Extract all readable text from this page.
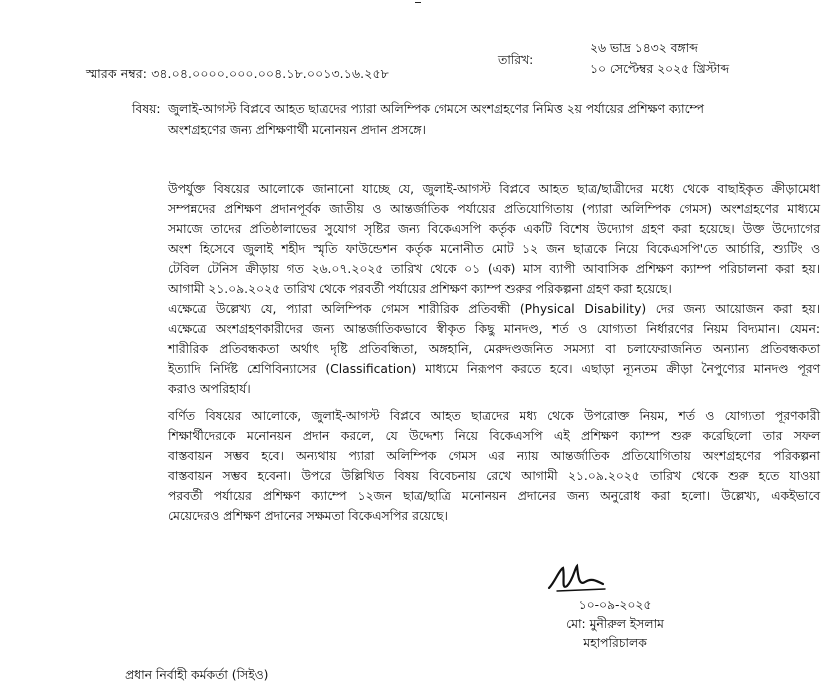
তারিখ:
২৬ ভাদ্র ১৪৩২ বঙ্গাব্দ
১০ সেপ্টেম্বর ২০২৫ খ্রিস্টাব্দ
স্মারক নম্বর: ৩৪.০৪.০০০০.০০০.০০৪.১৮.০০১৩.১৬.২৫৮
বিষয়: জুলাই-আগস্ট বিপ্লবে আহত ছাত্রদের প্যারা অলিম্পিক গেমসে অংশগ্রহণের নিমিত্ত ২য় পর্যায়ের প্রশিক্ষণ ক্যাম্পে
অংশগ্রহণের জন্য প্রশিক্ষণার্থী মনোনয়ন প্রদান প্রসঙ্গে।
উপর্যুক্ত বিষয়ের আলোকে জানানো যাচ্ছে যে, জুলাই-আগস্ট বিপ্লবে আহত ছাত্র/ছাত্রীদের মধ্যে থেকে বাছাইকৃত ক্রীড়ামেধা
সম্পন্নদের প্রশিক্ষণ প্রদানপূর্বক জাতীয় ও আন্তর্জাতিক পর্যায়ের প্রতিযোগিতায় (প্যারা অলিম্পিক গেমস) অংশগ্রহণের মাধ্যমে
সমাজে তাদের প্রতিষ্ঠালাভের সুযোগ সৃষ্টির জন্য বিকেএসপি কর্তৃক একটি বিশেষ উদ্যোগ গ্রহণ করা হয়েছে। উক্ত উদ্যোগের
অংশ হিসেবে জুলাই শহীদ স্মৃতি ফাউন্ডেশন কর্তৃক মনোনীত মোট ১২ জন ছাত্রকে নিয়ে বিকেএসপি'তে আর্চারি, শ্যুটিং ও
টেবিল টেনিস ক্রীড়ায় গত ২৬.০৭.২০২৫ তারিখ থেকে ০১ (এক) মাস ব্যাপী আবাসিক প্রশিক্ষণ ক্যাম্প পরিচালনা করা হয়।
আগামী ২১.০৯.২০২৫ তারিখ থেকে পরবর্তী পর্যায়ের প্রশিক্ষণ ক্যাম্প শুরুর পরিকল্পনা গ্রহণ করা হয়েছে।
এক্ষেত্রে উল্লেখ্য যে, প্যারা অলিম্পিক গেমস শারীরিক প্রতিবন্ধী (Physical Disability) দের জন্য আয়োজন করা হয়।
এক্ষেত্রে অংশগ্রহণকারীদের জন্য আন্তর্জাতিকভাবে স্বীকৃত কিছু মানদণ্ড, শর্ত ও যোগ্যতা নির্ধারণের নিয়ম বিদ্যমান। যেমন:
শারীরিক প্রতিবন্ধকতা অর্থাৎ দৃষ্টি প্রতিবন্ধিতা, অঙ্গহানি, মেরুদণ্ডজনিত সমস্যা বা চলাফেরাজনিত অন্যান্য প্রতিবন্ধকতা
ইত্যাদি নির্দিষ্ট শ্রেণিবিন্যাসের (Classification) মাধ্যমে নিরূপণ করতে হবে। এছাড়া ন্যূনতম ক্রীড়া নৈপুণ্যের মানদণ্ড পূরণ
করাও অপরিহার্য।
বর্ণিত বিষয়ের আলোকে, জুলাই-আগস্ট বিপ্লবে আহত ছাত্রদের মধ্য থেকে উপরোক্ত নিয়ম, শর্ত ও যোগ্যতা পূরণকারী
শিক্ষার্থীদেরকে মনোনয়ন প্রদান করলে, যে উদ্দেশ্য নিয়ে বিকেএসপি এই প্রশিক্ষণ ক্যাম্প শুরু করেছিলো তার সফল
বাস্তবায়ন সম্ভব হবে। অন্যথায় প্যারা অলিম্পিক গেমস এর ন্যায় আন্তর্জাতিক প্রতিযোগিতায় অংশগ্রহণের পরিকল্পনা
বাস্তবায়ন সম্ভব হবেনা। উপরে উল্লিখিত বিষয় বিবেচনায় রেখে আগামী ২১.০৯.২০২৫ তারিখ থেকে শুরু হতে যাওয়া
পরবর্তী পর্যায়ের প্রশিক্ষণ ক্যাম্পে ১২জন ছাত্র/ছাত্রি মনোনয়ন প্রদানের জন্য অনুরোধ করা হলো। উল্লেখ্য, একইভাবে
মেয়েদেরও প্রশিক্ষণ প্রদানের সক্ষমতা বিকেএসপির রয়েছে।
১০-০৯-২০২৫
মো: মুনীরুল ইসলাম
মহাপরিচালক
প্রধান নির্বাহী কর্মকর্তা (সিইও)
